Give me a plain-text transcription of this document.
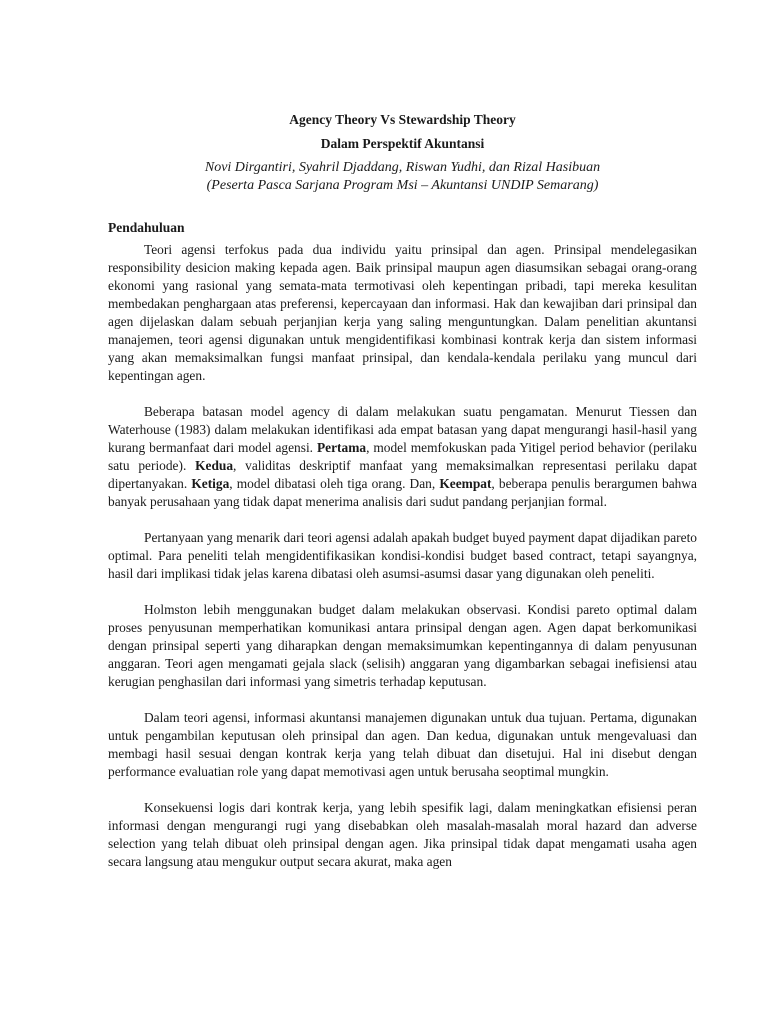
Agency Theory Vs Stewardship Theory

Dalam Perspektif Akuntansi

Novi Dirgantiri, Syahril Djaddang, Riswan Yudhi, dan Rizal Hasibuan

(Peserta Pasca Sarjana Program Msi – Akuntansi UNDIP Semarang)

Pendahuluan

Teori agensi terfokus pada dua individu yaitu prinsipal dan agen. Prinsipal mendelegasikan responsibility desicion making kepada agen. Baik prinsipal maupun agen diasumsikan sebagai orang-orang ekonomi yang rasional yang semata-mata termotivasi oleh kepentingan pribadi, tapi mereka kesulitan membedakan penghargaan atas preferensi, kepercayaan dan informasi. Hak dan kewajiban dari prinsipal dan agen dijelaskan dalam sebuah perjanjian kerja yang saling menguntungkan. Dalam penelitian akuntansi manajemen, teori agensi digunakan untuk mengidentifikasi kombinasi kontrak kerja dan sistem informasi yang akan memaksimalkan fungsi manfaat prinsipal, dan kendala-kendala perilaku yang muncul dari kepentingan agen.

Beberapa batasan model agency di dalam melakukan suatu pengamatan. Menurut Tiessen dan Waterhouse (1983) dalam melakukan identifikasi ada empat batasan yang dapat mengurangi hasil-hasil yang kurang bermanfaat dari model agensi. Pertama, model memfokuskan pada Yitigel period behavior (perilaku satu periode). Kedua, validitas deskriptif manfaat yang memaksimalkan representasi perilaku dapat dipertanyakan. Ketiga, model dibatasi oleh tiga orang. Dan, Keempat, beberapa penulis berargumen bahwa banyak perusahaan yang tidak dapat menerima analisis dari sudut pandang perjanjian formal.

Pertanyaan yang menarik dari teori agensi adalah apakah budget buyed payment dapat dijadikan pareto optimal. Para peneliti telah mengidentifikasikan kondisi-kondisi budget based contract, tetapi sayangnya, hasil dari implikasi tidak jelas karena dibatasi oleh asumsi-asumsi dasar yang digunakan oleh peneliti.

Holmston lebih menggunakan budget dalam melakukan observasi. Kondisi pareto optimal dalam proses penyusunan memperhatikan komunikasi antara prinsipal dengan agen. Agen dapat berkomunikasi dengan prinsipal seperti yang diharapkan dengan memaksimumkan kepentingannya di dalam penyusunan anggaran. Teori agen mengamati gejala slack (selisih) anggaran yang digambarkan sebagai inefisiensi atau kerugian penghasilan dari informasi yang simetris terhadap keputusan.

Dalam teori agensi, informasi akuntansi manajemen digunakan untuk dua tujuan. Pertama, digunakan untuk pengambilan keputusan oleh prinsipal dan agen. Dan kedua, digunakan untuk mengevaluasi dan membagi hasil sesuai dengan kontrak kerja yang telah dibuat dan disetujui. Hal ini disebut dengan performance evaluatian role yang dapat memotivasi agen untuk berusaha seoptimal mungkin.

Konsekuensi logis dari kontrak kerja, yang lebih spesifik lagi, dalam meningkatkan efisiensi peran informasi dengan mengurangi rugi yang disebabkan oleh masalah-masalah moral hazard dan adverse selection yang telah dibuat oleh prinsipal dengan agen. Jika prinsipal tidak dapat mengamati usaha agen secara langsung atau mengukur output secara akurat, maka agen
